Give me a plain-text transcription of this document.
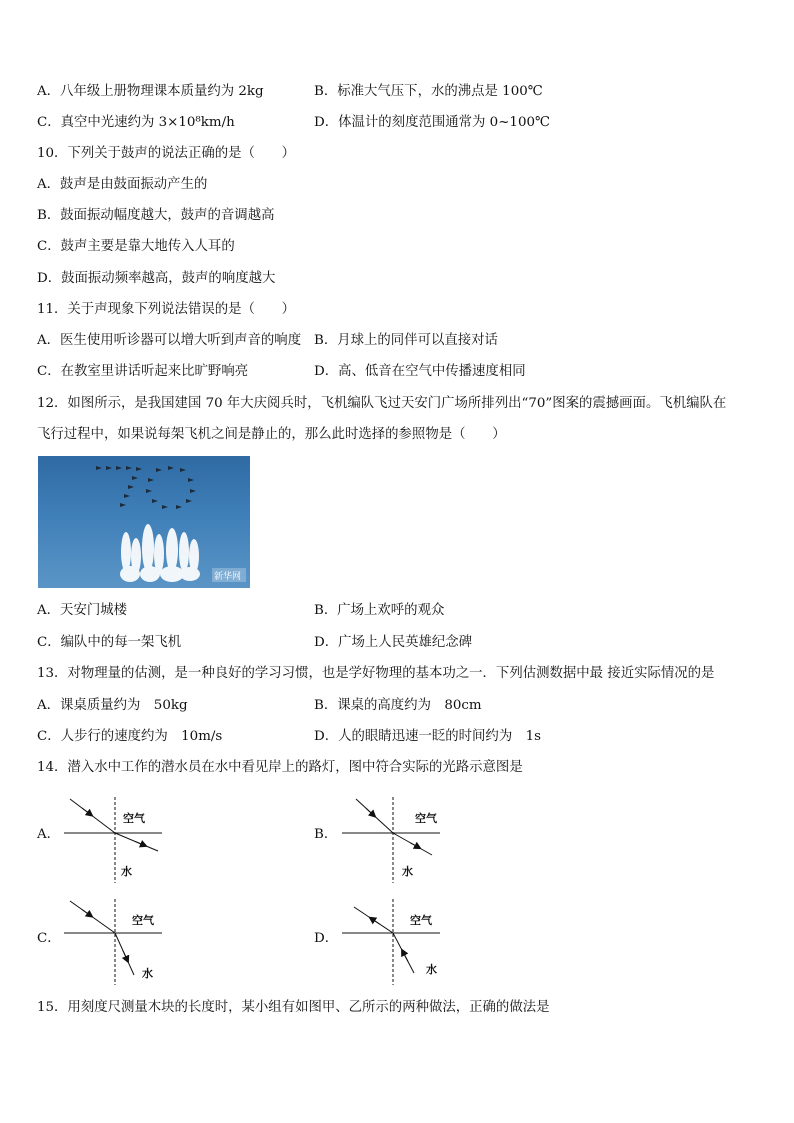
A．八年级上册物理课本质量约为 2kg	B．标准大气压下，水的沸点是 100℃
C．真空中光速约为 3×10⁸km/h	D．体温计的刻度范围通常为 0~100℃
10．下列关于鼓声的说法正确的是（　　）
A．鼓声是由鼓面振动产生的
B．鼓面振动幅度越大，鼓声的音调越高
C．鼓声主要是靠大地传入人耳的
D．鼓面振动频率越高，鼓声的响度越大
11．关于声现象下列说法错误的是（　　）
A．医生使用听诊器可以增大听到声音的响度 B．月球上的同伴可以直接对话
C．在教室里讲话听起来比旷野响亮	D．高、低音在空气中传播速度相同
12．如图所示，是我国建国 70 年大庆阅兵时，飞机编队飞过天安门广场所排列出“70”图案的震撼画面。飞机编队在
飞行过程中，如果说每架飞机之间是静止的，那么此时选择的参照物是（　　）
新华网
A．天安门城楼	B．广场上欢呼的观众
C．编队中的每一架飞机	D．广场上人民英雄纪念碑
13．对物理量的估测，是一种良好的学习习惯，也是学好物理的基本功之一．下列估测数据中最 接近实际情况的是
A．课桌质量约为　50kg	B．课桌的高度约为　80cm
C．人步行的速度约为　10m/s	D．人的眼睛迅速一眨的时间约为　1s
14．潜入水中工作的潜水员在水中看见岸上的路灯，图中符合实际的光路示意图是
A．
空气
水
B．
空气
水
C．
空气
水
D．
空气
水
15．用刻度尺测量木块的长度时，某小组有如图甲、乙所示的两种做法，正确的做法是
